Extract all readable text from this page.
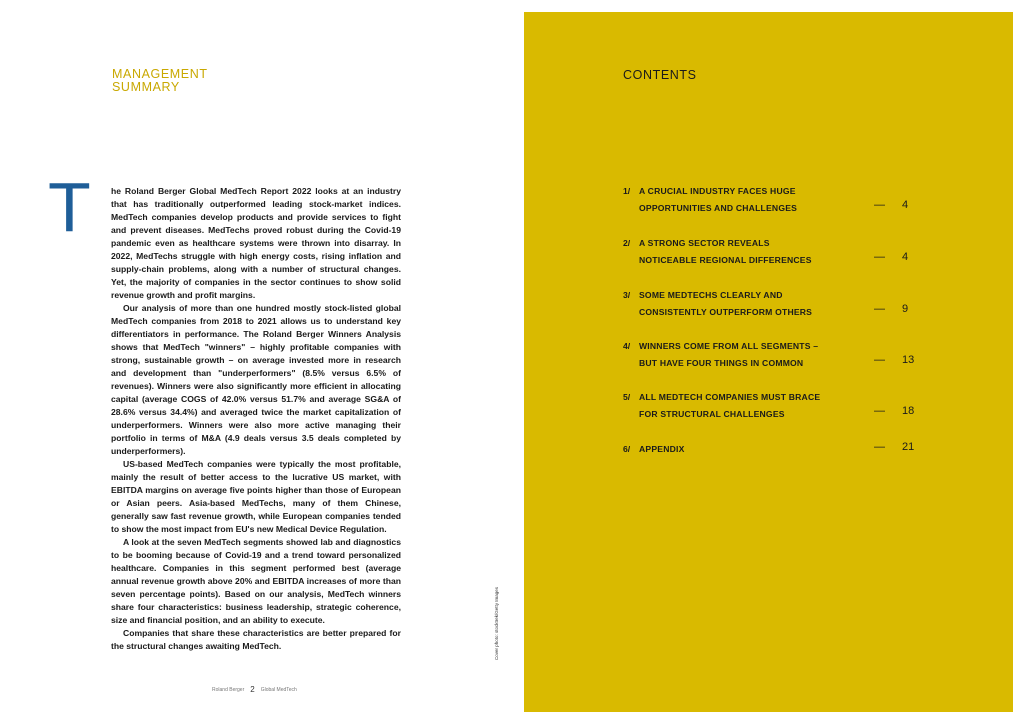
MANAGEMENT
SUMMARY
T he Roland Berger Global MedTech Report 2022 looks at an industry that has traditionally outperformed leading stock-market indices. MedTech companies develop products and provide services to fight and prevent diseases. MedTechs proved robust during the Covid-19 pandemic even as healthcare systems were thrown into disarray. In 2022, MedTechs struggle with high energy costs, rising inflation and supply-chain problems, along with a number of structural changes. Yet, the majority of companies in the sector continues to show solid revenue growth and profit margins.

Our analysis of more than one hundred mostly stock-listed global MedTech companies from 2018 to 2021 allows us to understand key differentiators in performance. The Roland Berger Winners Analysis shows that MedTech "winners" – highly profitable companies with strong, sustainable growth – on average invested more in research and development than "underperformers" (8.5% versus 6.5% of revenues). Winners were also significantly more efficient in allocating capital (average COGS of 42.0% versus 51.7% and average SG&A of 28.6% versus 34.4%) and averaged twice the market capitalization of underperformers. Winners were also more active managing their portfolio in terms of M&A (4.9 deals versus 3.5 deals completed by underperformers).

US-based MedTech companies were typically the most profitable, mainly the result of better access to the lucrative US market, with EBITDA margins on average five points higher than those of European or Asian peers. Asia-based MedTechs, many of them Chinese, generally saw fast revenue growth, while European companies tended to show the most impact from EU's new Medical Device Regulation.

A look at the seven MedTech segments showed lab and diagnostics to be booming because of Covid-19 and a trend toward personalized healthcare. Companies in this segment performed best (average annual revenue growth above 20% and EBITDA increases of more than seven percentage points). Based on our analysis, MedTech winners share four characteristics: business leadership, strategic coherence, size and financial position, and an ability to execute.

Companies that share these characteristics are better prepared for the structural changes awaiting MedTech.

Roland Berger 2 Global MedTech
Cover photo: stocktrek/Getty Images
CONTENTS
1/ A CRUCIAL INDUSTRY FACES HUGE
OPPORTUNITIES AND CHALLENGES	— 4
2/ A STRONG SECTOR REVEALS
NOTICEABLE REGIONAL DIFFERENCES	— 4
3/ SOME MEDTECHS CLEARLY AND
CONSISTENTLY OUTPERFORM OTHERS	— 9
4/ WINNERS COME FROM ALL SEGMENTS –
BUT HAVE FOUR THINGS IN COMMON	— 13
5/ ALL MEDTECH COMPANIES MUST BRACE
FOR STRUCTURAL CHALLENGES	— 18
6/ APPENDIX	— 21
